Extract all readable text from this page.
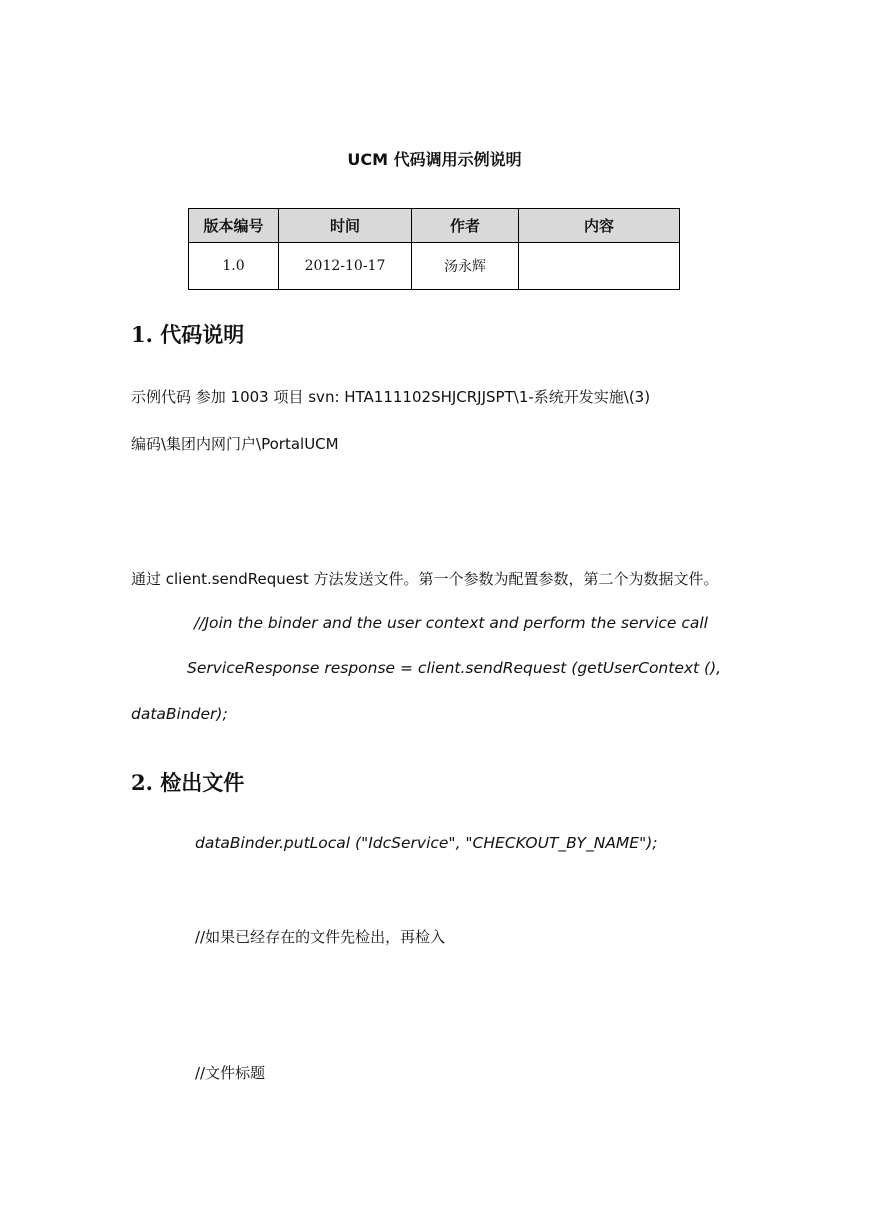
UCM 代码调用示例说明
版本编号	时间	作者	内容
1.0	2012-10-17	汤永辉	
1. 代码说明
示例代码 参加 1003 项目 svn: HTA111102SHJCRJJSPT\1-系统开发实施\(3)
编码\集团内网门户\PortalUCM
通过 client.sendRequest 方法发送文件。第一个参数为配置参数，第二个为数据文件。
//Join the binder and the user context and perform the service call
ServiceResponse response = client.sendRequest (getUserContext (),
dataBinder);
2. 检出文件
dataBinder.putLocal ("IdcService", "CHECKOUT_BY_NAME");
//如果已经存在的文件先检出，再检入
//文件标题
